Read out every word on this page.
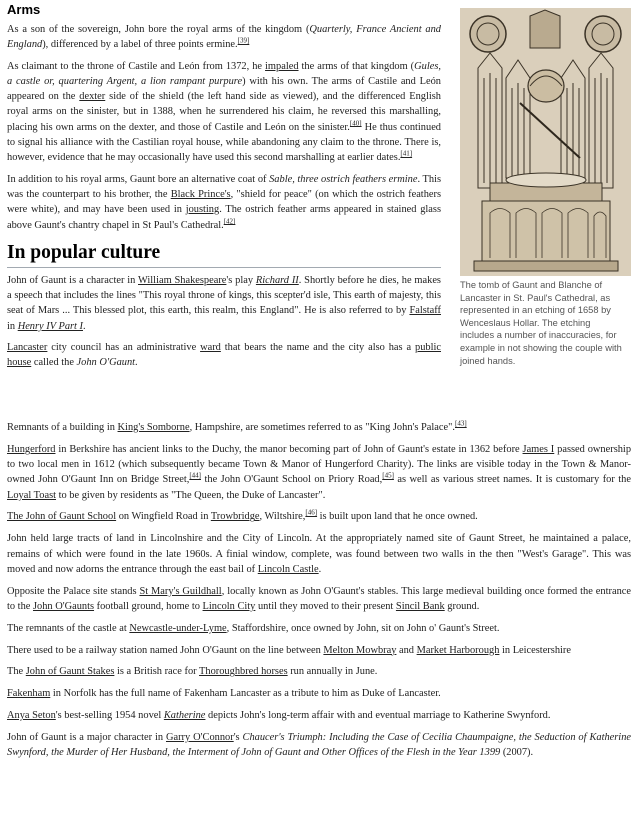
Arms

As a son of the sovereign, John bore the royal arms of the kingdom (Quarterly, France Ancient and England), differenced by a label of three points ermine.[39]

As claimant to the throne of Castile and León from 1372, he impaled the arms of that kingdom (Gules, a castle or, quartering Argent, a lion rampant purpure) with his own. The arms of Castile and León appeared on the dexter side of the shield (the left hand side as viewed), and the differenced English royal arms on the sinister, but in 1388, when he surrendered his claim, he reversed this marshalling, placing his own arms on the dexter, and those of Castile and León on the sinister.[40] He thus continued to signal his alliance with the Castilian royal house, while abandoning any claim to the throne. There is, however, evidence that he may occasionally have used this second marshalling at earlier dates.[41]

In addition to his royal arms, Gaunt bore an alternative coat of Sable, three ostrich feathers ermine. This was the counterpart to his brother, the Black Prince's, "shield for peace" (on which the ostrich feathers were white), and may have been used in jousting. The ostrich feather arms appeared in stained glass above Gaunt's chantry chapel in St Paul's Cathedral.[42]

In popular culture

John of Gaunt is a character in William Shakespeare's play Richard II. Shortly before he dies, he makes a speech that includes the lines "This royal throne of kings, this scepter'd isle, This earth of majesty, this seat of Mars ... This blessed plot, this earth, this realm, this England". He is also referred to by Falstaff in Henry IV Part I.

Lancaster city council has an administrative ward that bears the name and the city also has a public house called the John O'Gaunt.

The tomb of Gaunt and Blanche of Lancaster in St. Paul's Cathedral, as represented in an etching of 1658 by Wenceslaus Hollar. The etching includes a number of inaccuracies, for example in not showing the couple with joined hands.

Remnants of a building in King's Somborne, Hampshire, are sometimes referred to as "King John's Palace".[43]

Hungerford in Berkshire has ancient links to the Duchy, the manor becoming part of John of Gaunt's estate in 1362 before James I passed ownership to two local men in 1612 (which subsequently became Town & Manor of Hungerford Charity). The links are visible today in the Town & Manor-owned John O'Gaunt Inn on Bridge Street,[44] the John O'Gaunt School on Priory Road,[45] as well as various street names. It is customary for the Loyal Toast to be given by residents as "The Queen, the Duke of Lancaster".

The John of Gaunt School on Wingfield Road in Trowbridge, Wiltshire,[46] is built upon land that he once owned.

John held large tracts of land in Lincolnshire and the City of Lincoln. At the appropriately named site of Gaunt Street, he maintained a palace, remains of which were found in the late 1960s. A finial window, complete, was found between two walls in the then "West's Garage". This was moved and now adorns the entrance through the east bail of Lincoln Castle.

Opposite the Palace site stands St Mary's Guildhall, locally known as John O'Gaunt's stables. This large medieval building once formed the entrance to the John O'Gaunts football ground, home to Lincoln City until they moved to their present Sincil Bank ground.

The remnants of the castle at Newcastle-under-Lyme, Staffordshire, once owned by John, sit on John o' Gaunt's Street.

There used to be a railway station named John O'Gaunt on the line between Melton Mowbray and Market Harborough in Leicestershire

The John of Gaunt Stakes is a British race for Thoroughbred horses run annually in June.

Fakenham in Norfolk has the full name of Fakenham Lancaster as a tribute to him as Duke of Lancaster.

Anya Seton's best-selling 1954 novel Katherine depicts John's long-term affair with and eventual marriage to Katherine Swynford.

John of Gaunt is a major character in Garry O'Connor's Chaucer's Triumph: Including the Case of Cecilia Chaumpaigne, the Seduction of Katherine Swynford, the Murder of Her Husband, the Interment of John of Gaunt and Other Offices of the Flesh in the Year 1399 (2007).
